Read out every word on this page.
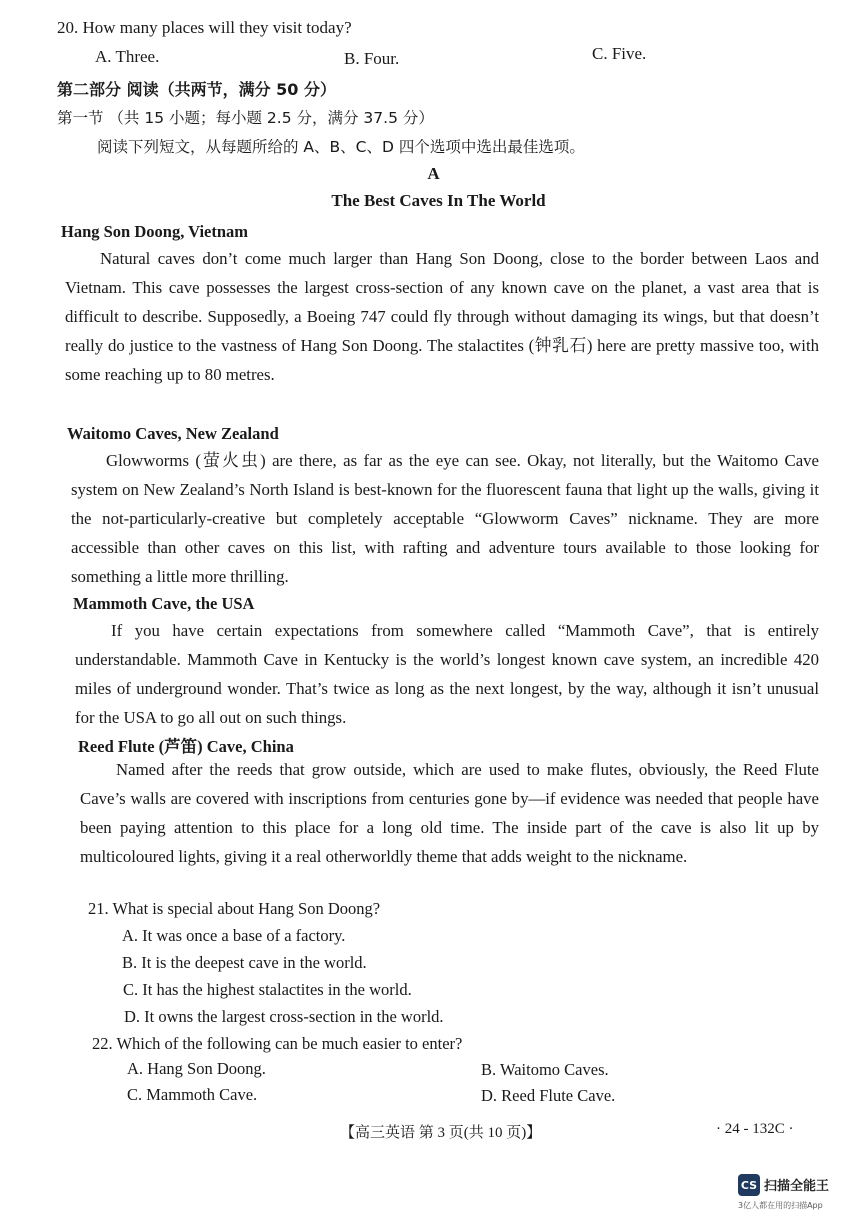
20. How many places will they visit today?
A. Three.	B. Four.	C. Five.
第二部分 阅读（共两节，满分 50 分）
第一节 （共 15 小题；每小题 2.5 分，满分 37.5 分）
阅读下列短文，从每题所给的 A、B、C、D 四个选项中选出最佳选项。
A
The Best Caves In The World
Hang Son Doong, Vietnam
Natural caves don’t come much larger than Hang Son Doong, close to the border between Laos and Vietnam. This cave possesses the largest cross-section of any known cave on the planet, a vast area that is difficult to describe. Supposedly, a Boeing 747 could fly through without damaging its wings, but that doesn’t really do justice to the vastness of Hang Son Doong. The stalactites (钟乳石) here are pretty massive too, with some reaching up to 80 metres.
Waitomo Caves, New Zealand
Glowworms (萤火虫) are there, as far as the eye can see. Okay, not literally, but the Waitomo Cave system on New Zealand’s North Island is best-known for the fluorescent fauna that light up the walls, giving it the not-particularly-creative but completely acceptable “Glowworm Caves” nickname. They are more accessible than other caves on this list, with rafting and adventure tours available to those looking for something a little more thrilling.
Mammoth Cave, the USA
If you have certain expectations from somewhere called “Mammoth Cave”, that is entirely understandable. Mammoth Cave in Kentucky is the world’s longest known cave system, an incredible 420 miles of underground wonder. That’s twice as long as the next longest, by the way, although it isn’t unusual for the USA to go all out on such things.
Reed Flute (芦笛) Cave, China
Named after the reeds that grow outside, which are used to make flutes, obviously, the Reed Flute Cave’s walls are covered with inscriptions from centuries gone by—if evidence was needed that people have been paying attention to this place for a long old time. The inside part of the cave is also lit up by multicoloured lights, giving it a real otherworldly theme that adds weight to the nickname.
21. What is special about Hang Son Doong?
A. It was once a base of a factory.
B. It is the deepest cave in the world.
C. It has the highest stalactites in the world.
D. It owns the largest cross-section in the world.
22. Which of the following can be much easier to enter?
A. Hang Son Doong.	B. Waitomo Caves.
C. Mammoth Cave.	D. Reed Flute Cave.
【高三英语 第 3 页(共 10 页)】	· 24 - 132C ·
CS 扫描全能王
3亿人都在用的扫描App
